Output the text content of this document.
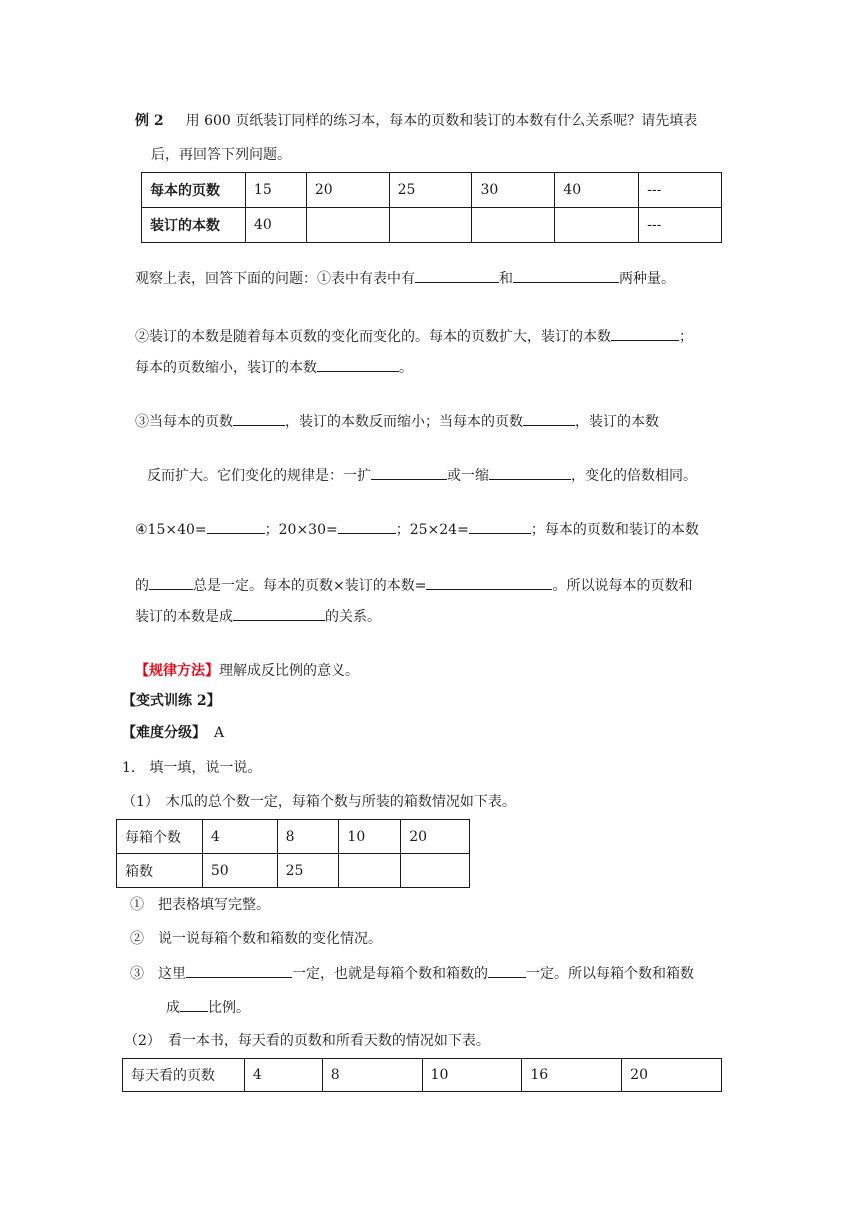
例 2 用 600 页纸装订同样的练习本，每本的页数和装订的本数有什么关系呢？请先填表
后，再回答下列问题。
每本的页数	15	20	25	30	40	---
装订的本数	40					---
观察上表，回答下面的问题：①表中有表中有	和	两种量。
②装订的本数是随着每本页数的变化而变化的。每本的页数扩大，装订的本数	；
每本的页数缩小，装订的本数	。
③当每本的页数	，装订的本数反而缩小；当每本的页数	，装订的本数
反而扩大。它们变化的规律是：一扩	或一缩	，变化的倍数相同。
④15×40=	；20×30=	；25×24=	；每本的页数和装订的本数
的	总是一定。每本的页数×装订的本数=	。所以说每本的页数和
装订的本数是成	的关系。
【规律方法】理解成反比例的意义。
【变式训练 2】
【难度分级】 A
1． 填一填，说一说。
（1）　木瓜的总个数一定，每箱个数与所装的箱数情况如下表。
每箱个数	4	8	10	20
箱数	50	25		
①　把表格填写完整。
②　说一说每箱个数和箱数的变化情况。
③　这里	一定，也就是每箱个数和箱数的	一定。所以每箱个数和箱数
成 比例。
（2）　看一本书，每天看的页数和所看天数的情况如下表。
每天看的页数	4	8	10	16	20
